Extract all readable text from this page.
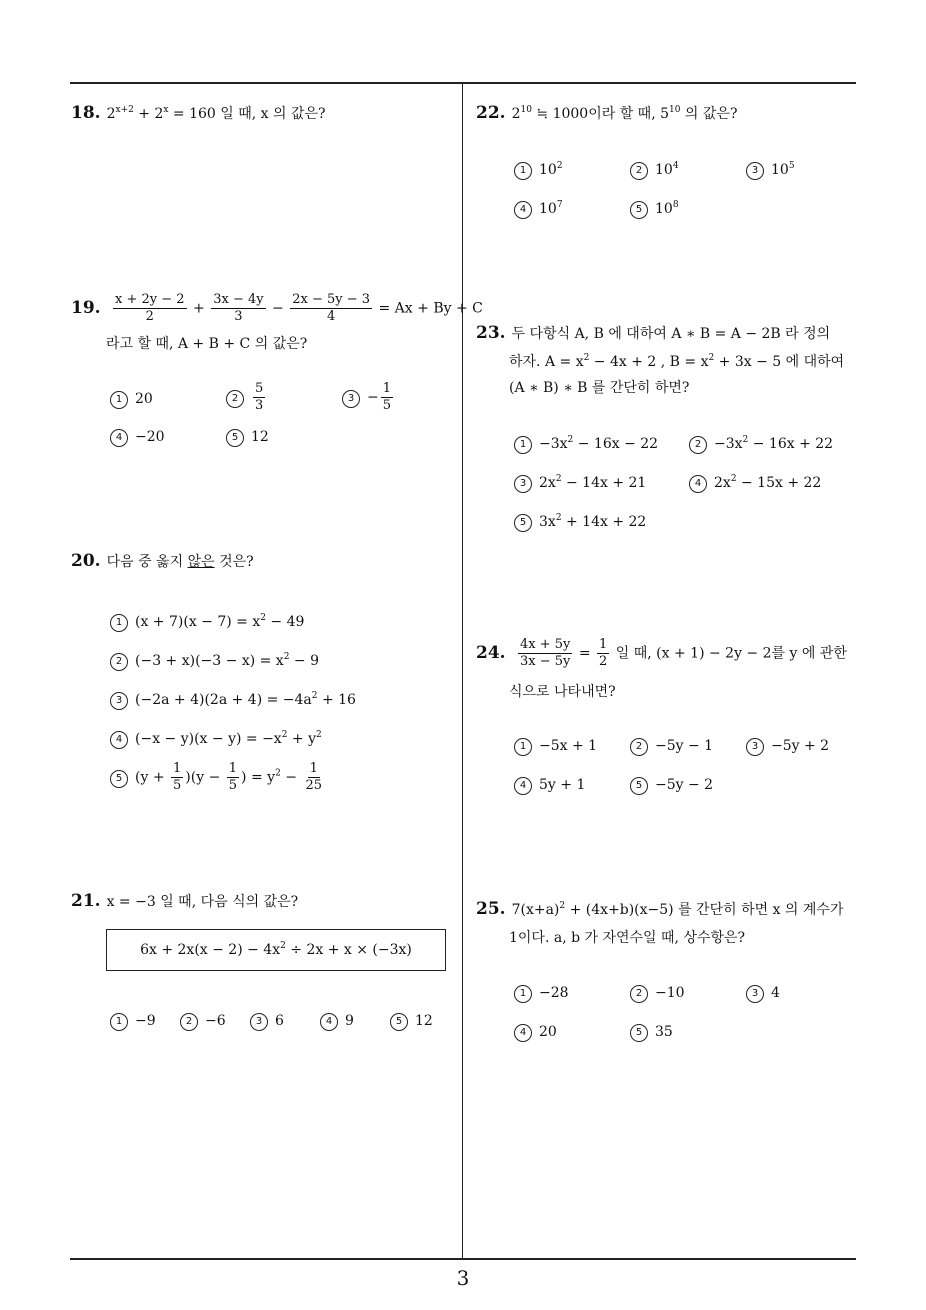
18. $2^{x+2} + 2^x = 160$ 일 때, x 의 값은?
19. $\frac{x + 2y - 2}{2} + \frac{3x - 4y}{3} - \frac{2x - 5y - 3}{4} = Ax + By + C$
라고 할 때, A + B + C 의 값은?
1 20	$2 \frac{5}{3}$	$3 - \frac{1}{5}$
4 −20	5 12
20. 다음 중 옳지 않은 것은?
1 $(x + 7)(x - 7) = x^2 - 49$
2 $(-3 + x)(-3 - x) = x^2 - 9$
3 $(-2a + 4)(2a + 4) = -4a^2 + 16$
4 $(-x - y)(x - y) = -x^2 + y^2$
5 $(y + \frac{1}{5} )(y - \frac{1}{5}$ ) = $y^2 - \frac{1}{25}$
21. x = −3 일 때, 다음 식의 값은?
$6x + 2x(x - 2) - 4x^2 \div 2x + x \times (-3x)$
1 −9	2 −6	3 6	4 9	5 12
22. $2^{10}$ ≒ 1000이라 할 때, $5^{10}$ 의 값은?
1 $10^2$	2 $10^4$	3 $10^5$
4 $10^7$	5 $10^8$
23. 두 다항식 A, B 에 대하여 A ∗ B = A − 2B 라 정의
하자. $A = x^2 - 4x + 2$ , $B = x^2 + 3x - 5$ 에 대하여
(A ∗ B) ∗ B 를 간단히 하면?
$1 -3x^2 - 16x - 22$	$2 -3x^2 - 16x + 22$
3 $2x^2 - 14x + 21$	4 $2x^2 - 15x + 22$
5 $3x^2 + 14x + 22$
24. $\frac{4x + 5y}{3x - 5y} = \frac{1}{2}$ 일 때, (x + 1) − 2y − 2를 y 에 관한
식으로 나타내면?
1 −5x + 1	2 −5y − 1	3 −5y + 2
4 5y + 1	5 −5y − 2
25. $7(x+a)^2 + (4x+b)(x-5)$ 를 간단히 하면 x 의 계수가
1이다. a, b 가 자연수일 때, 상수항은?
1 −28	2 −10	3 4
4 20	5 35
3
